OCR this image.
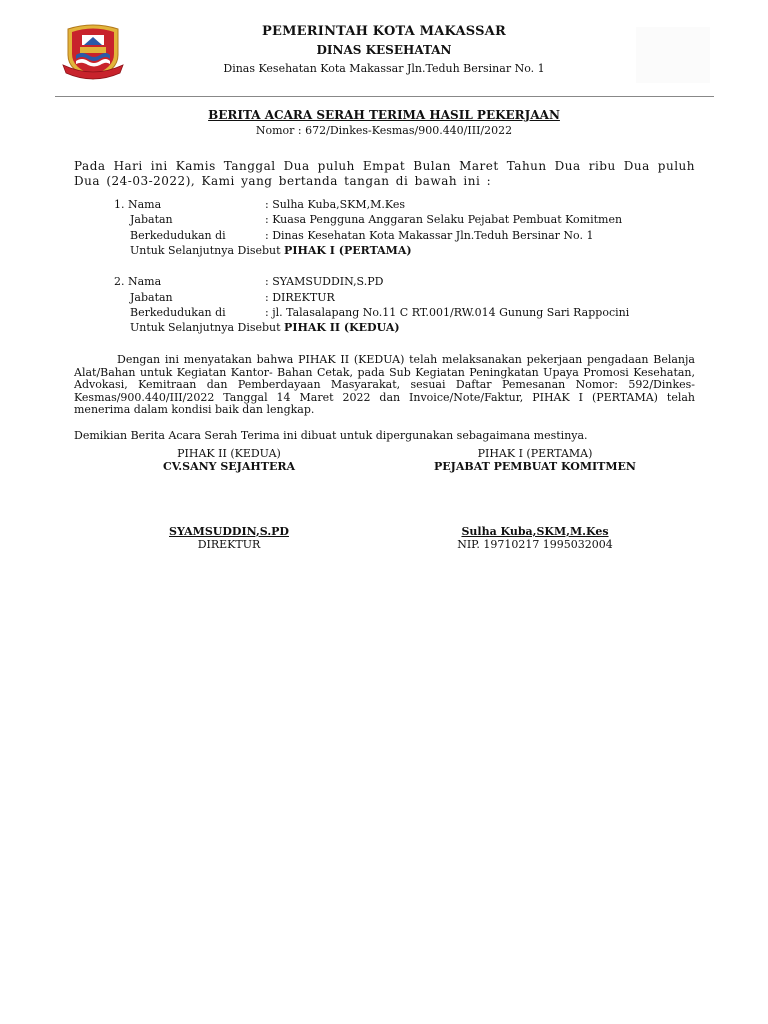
PEMERINTAH KOTA MAKASSAR
DINAS KESEHATAN
Dinas Kesehatan Kota Makassar Jln.Teduh Bersinar No. 1
BERITA ACARA SERAH TERIMA HASIL PEKERJAAN
Nomor : 672/Dinkes-Kesmas/900.440/III/2022
Pada Hari ini Kamis Tanggal Dua puluh Empat Bulan Maret Tahun Dua ribu Dua puluh Dua (24-03-2022), Kami yang bertanda tangan di bawah ini :
1. Nama	: Sulha Kuba,SKM,M.Kes
Jabatan	: Kuasa Pengguna Anggaran Selaku Pejabat Pembuat Komitmen
Berkedudukan di	: Dinas Kesehatan Kota Makassar Jln.Teduh Bersinar No. 1
Untuk Selanjutnya Disebut PIHAK I (PERTAMA)
2. Nama	: SYAMSUDDIN,S.PD
Jabatan	: DIREKTUR
Berkedudukan di	: jl. Talasalapang No.11 C RT.001/RW.014 Gunung Sari Rappocini
Untuk Selanjutnya Disebut PIHAK II (KEDUA)
Dengan ini menyatakan bahwa PIHAK II (KEDUA) telah melaksanakan pekerjaan pengadaan Belanja Alat/Bahan untuk Kegiatan Kantor- Bahan Cetak, pada Sub Kegiatan Peningkatan Upaya Promosi Kesehatan, Advokasi, Kemitraan dan Pemberdayaan Masyarakat, sesuai Daftar Pemesanan Nomor: 592/Dinkes-Kesmas/900.440/III/2022 Tanggal 14 Maret 2022 dan Invoice/Note/Faktur, PIHAK I (PERTAMA) telah menerima dalam kondisi baik dan lengkap.
Demikian Berita Acara Serah Terima ini dibuat untuk dipergunakan sebagaimana mestinya.
PIHAK II (KEDUA)
CV.SANY SEJAHTERA
PIHAK I (PERTAMA)
PEJABAT PEMBUAT KOMITMEN
SYAMSUDDIN,S.PD
DIREKTUR
Sulha Kuba,SKM,M.Kes
NIP. 19710217 1995032004
